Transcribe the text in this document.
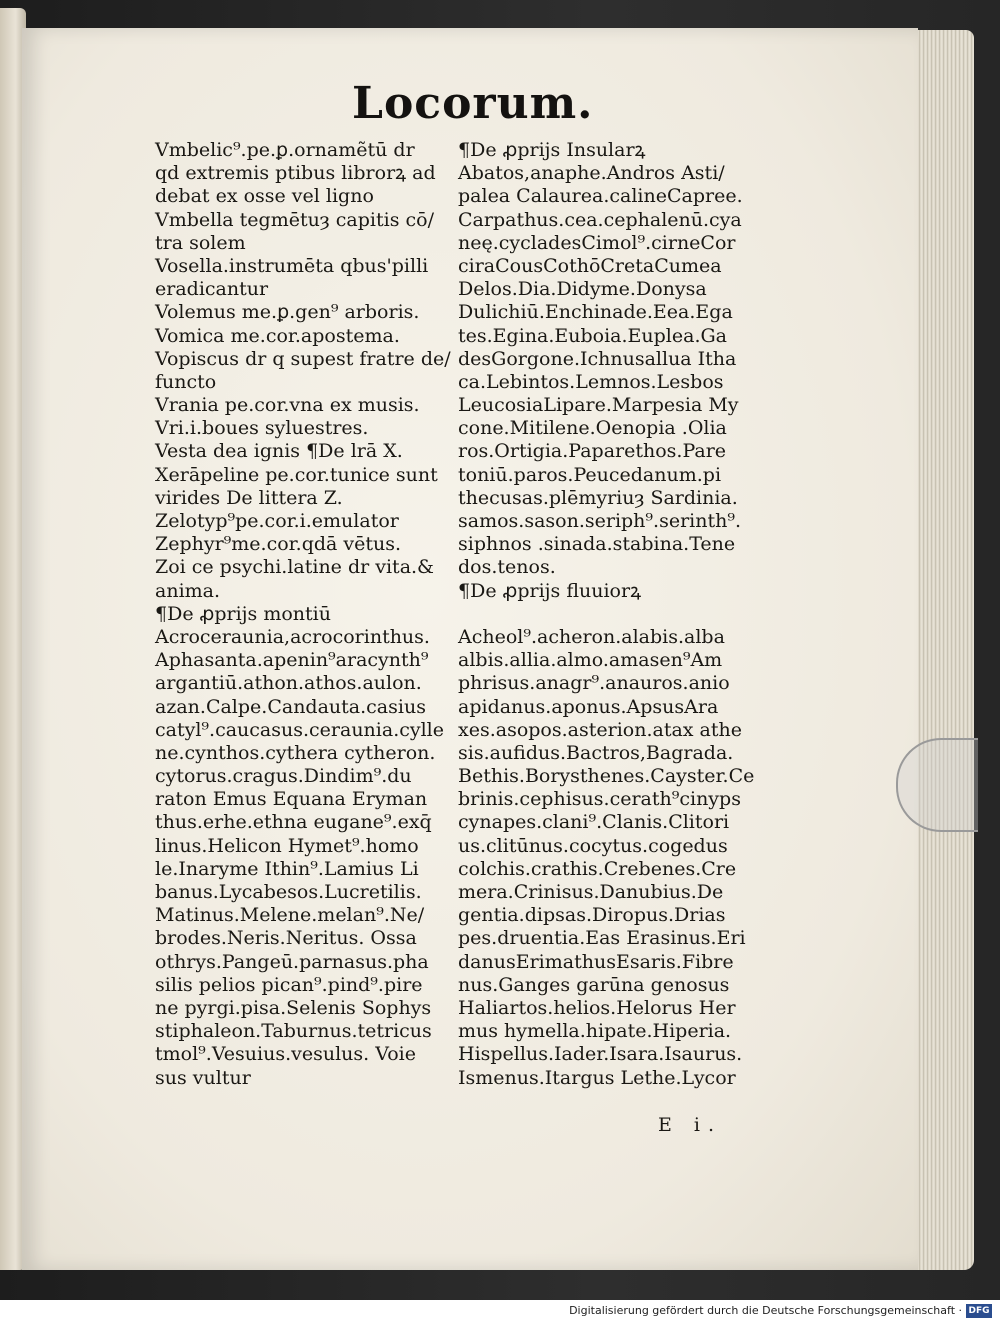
Locorum.
Vmbelic⁹.pe.ꝑ.ornamẽtū dr
qd extremis ptibus librorꝝ ad
debat ex osse vel ligno
Vmbella tegmētuȝ capitis cō/
tra solem
Vosella.instrumēta qbus'pilli
eradicantur
Volemus me.ꝑ.gen⁹ arboris.
Vomica me.cor.apostema.
Vopiscus dr q supest fratre de/
functo
Vrania pe.cor.vna ex musis.
Vri.i.boues syluestres.
Vesta dea ignis ¶De lrā X.
Xerāpeline pe.cor.tunice sunt
virides De littera Z.
Zelotyp⁹pe.cor.i.emulator
Zephyr⁹me.cor.qdā vētus.
Zoi ce psychi.latine dr vita.&
anima.
¶De ꝓprijs montiū
Acroceraunia,acrocorinthus.
Aphasanta.apenin⁹aracynth⁹
argantiū.athon.athos.aulon.
azan.Calpe.Candauta.casius
catyl⁹.caucasus.ceraunia.cylle
ne.cynthos.cythera cytheron.
cytorus.cragus.Dindim⁹.du
raton Emus Equana Eryman
thus.erhe.ethna eugane⁹.exq̄
linus.Helicon Hymet⁹.homo
le.Inaryme Ithin⁹.Lamius Li
banus.Lycabesos.Lucretilis.
Matinus.Melene.melan⁹.Ne/
brodes.Neris.Neritus. Ossa
othrys.Pangeū.parnasus.pha
silis pelios pican⁹.pind⁹.pire
ne pyrgi.pisa.Selenis Sophys
stiphaleon.Taburnus.tetricus
tmol⁹.Vesuius.vesulus. Voie
sus vultur
¶De ꝓprijs Insularꝝ
Abatos,anaphe.Andros Asti/
palea Calaurea.calineCapree.
Carpathus.cea.cephalenū.cya
neę.cycladesCimol⁹.cirneCor
ciraCousCothōCretaCumea
Delos.Dia.Didyme.Donysa
Dulichiū.Enchinade.Eea.Ega
tes.Egina.Euboia.Euplea.Ga
desGorgone.Ichnusallua Itha
ca.Lebintos.Lemnos.Lesbos
LeucosiaLipare.Marpesia My
cone.Mitilene.Oenopia .Olia
ros.Ortigia.Paparethos.Pare
toniū.paros.Peucedanum.pi
thecusas.plēmyriuȝ Sardinia.
samos.sason.seriph⁹.serinth⁹.
siphnos .sinada.stabina.Tene
dos.tenos.
¶De ꝓprijs fluuiorꝝ
Acheol⁹.acheron.alabis.alba
albis.allia.almo.amasen⁹Am
phrisus.anagr⁹.anauros.anio
apidanus.aponus.ApsusAra
xes.asopos.asterion.atax athe
sis.aufidus.Bactros,Bagrada.
Bethis.Borysthenes.Cayster.Ce
brinis.cephisus.cerath⁹cinyps
cynapes.clani⁹.Clanis.Clitori
us.clitūnus.cocytus.cogedus
colchis.crathis.Crebenes.Cre
mera.Crinisus.Danubius.De
gentia.dipsas.Diropus.Drias
pes.druentia.Eas Erasinus.Eri
danusErimathusEsaris.Fibre
nus.Ganges garūna genosus
Haliartos.helios.Helorus Her
mus hymella.hipate.Hiperia.
Hispellus.Iader.Isara.Isaurus.
Ismenus.Itargus Lethe.Lycor
E i.
Digitalisierung gefördert durch die Deutsche Forschungsgemeinschaft · DFG
